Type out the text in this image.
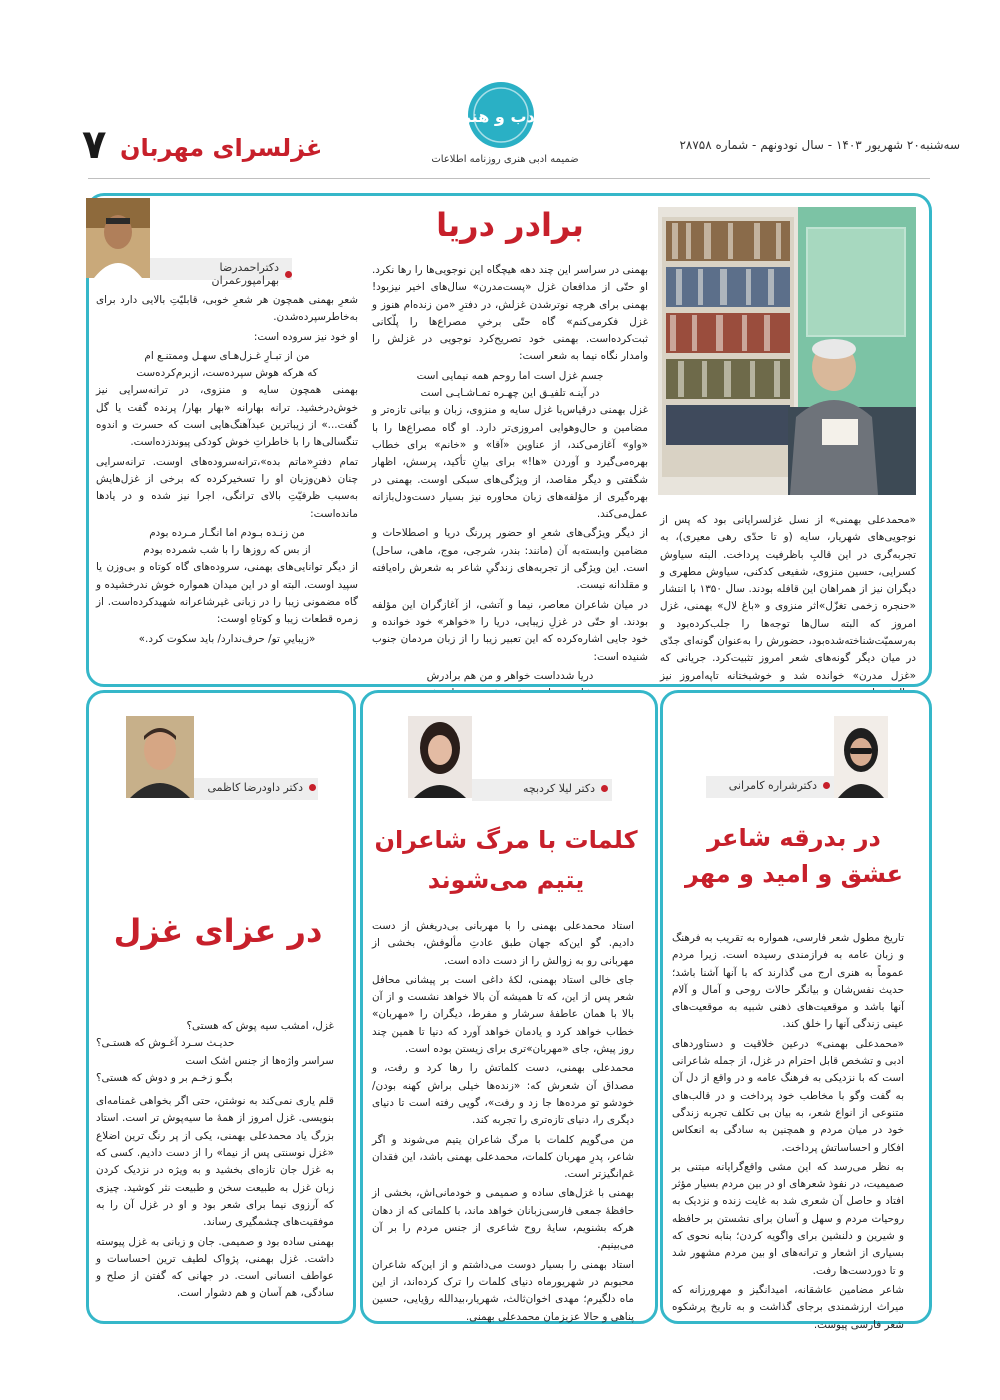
سه‌شنبه۲۰ شهریور ۱۴۰۳ - سال نودونهم - شماره ۲۸۷۵۸
ادب و هنر
ضمیمه ادبی هنری روزنامه اطلاعات
غزلسرای مهربان
۷
«محمدعلی بهمنی» از نسل غزلسرایانی بود که پس از نوجویی‌های شهریار، سایه (و تا حدّی رهی معیری)، به تجربه‌گری در این قالبِ باظرفیت پرداخت. البته سیاوش کسرایی، حسین منزوی، شفیعی کدکنی، سیاوش مطهری و دیگران نیز از همراهان این قافله بودند. سال ۱۳۵۰ با انتشار «حنجره زخمی تغزّل»اثر منزوی و «باغ لال» بهمنی، غزل امروز که البته سال‌ها توجه‌ها را جلب‌کرده‌بود و به‌رسمیّت‌شناخته‌شده‌بود، حضورش را به‌عنوان گونه‌ای جدّی در میان دیگر گونه‌های شعر امروز تثبیت‌کرد. جریانی که «غزل مدرن» خوانده شد و خوشبختانه تاپه‌امروز نیز
برادر دریا

بهمنی در سراسر این چند دهه هیچگاه این نوجویی‌ها را رها نکرد. او حتّی از مدافعان غزل «پست‌مدرن» سال‌های اخیر نیزبود! بهمنی برای هرچه نوترشدن غزلش، در دفترِ «من زنده‌ام هنوز و غزل فکرمی‌کنم» گاه حتّی برخیِ مصراع‌ها را پلّکانی ثبت‌کرده‌است. بهمنی خود تصریح‌کرد نوجویی در غزلش را وامدار نگاه نیما به شعر است:

جسم غزل است اما روحم همه نیمایی است
در آینـه تلفیـق این چهـره تمـاشـایـی است

غزل بهمنی درقیاس‌با غزل سایه و منزوی، زبان و بیانی تازه‌تر و مضامین و حال‌وهوایی امروزی‌تر دارد. او گاه مصراع‌ها را با «واو» آغازمی‌کند، از عناوین «آقا» و «خانم» برای خطاب بهره‌می‌گیرد و آوردن «ها!» برای بیانِ تأکید، پرسش، اظهار شگفتی و دیگر مقاصد، از ویژگی‌های سبکی اوست. بهمنی در بهره‌گیری از مؤلفه‌های زبان محاوره نیز بسیار دست‌ودل‌بازانه عمل‌می‌کند.

از دیگر ویژگی‌های شعرِ او حضور پررنگ دریا و اصطلاحات و مضامین وابسته‌به آن (مانند: بندر، شرجی، موج، ماهی، ساحل) است. این ویژگی از تجربه‌های زندگیِ شاعر به شعرش راه‌یافته و مقلدانه نیست.

در میان شاعران معاصر، نیما و آتشی، از آغازگران این مؤلفه بودند. او حتّی در غزلِ زیبایی، دریا را «خواهر» خود خوانده و خود جایی اشاره‌کرده که این تعبیر زیبا را از زبان مردمان جنوب شنیده است:

دریا شدداست خواهر و من هم برادرش
دکتراحمدرضا بهرامپورعمران

شعرِ بهمنی همچون هر شعرِ خوبی، قابلیّتِ بالایی دارد برای به‌خاطرسپرده‌شدن.

او خود نیز سروده است:

من از تبـارِ غـزل‌هـای سهـل وممتنـع ام
که هرکه هوش سپرده‌ست، ازبرم‌کرده‌ست

بهمنی همچون سایه و منزوی، در ترانه‌سرایی نیز خوش‌درخشید. ترانه بهارانه «بهار بهار/ پرنده گفت یا گل گفت...» از زیباترین عبدآهنگ‌هایی است که حسرت و اندوه تنگسالی‌ها را با خاطراتِ خوش کودکی پیوندزده‌است.

تمام دفترِ«ماتم بده»،ترانه‌سروده‌های اوست. ترانه‌سرایی چنان ذهن‌وزبان او را تسخیرکرده که برخی از غزل‌هایش به‌سبب ظرفیّتِ بالای ترانگی، اجرا نیز شده و در یادها مانده‌است:

من زنـده بـودم اما انگـار مـرده بودم
از بس که روزها را با شب شمرده بودم

از دیگر توانایی‌های بهمنی، سروده‌های گاه کوتاه و بی‌وزن یا سپید اوست. البته او در این میدان همواره خوش ندرخشیده و گاه مضمونی زیبا را در زبانی غیرشاعرانه شهیدکرده‌است. از زمره قطعات زیبا و کوتاهِ اوست:

«زیباییِ تو/ حرف‌ندارد/ باید سکوت کرد.»
دکترشراره کامرانی
در بدرقه شاعر
عشق و امید و مهر

تاریخ مطول شعر فارسی، همواره به تقریب به فرهنگ و زبان عامه به فرازمندی رسیده است. زیرا مردم عموماً به هنری ارج می گذارند که با آنها آشنا باشد؛ حدیث نفس‌شان و بیانگر حالات روحی و آمال و آلام آنها باشد و موقعیت‌های ذهنی شبیه به موقعیت‌های عینی زندگی آنها را خلق کند.

«محمدعلی بهمنی» درعین خلاقیت و دستاوردهای ادبی و تشخص قابل احترام در غزل، از جمله شاعرانی است که با نزدیکی به فرهنگ عامه و در واقع از دل آن به گفت وگو با مخاطب خود پرداخت و در قالب‌های متنوعی از انواع شعر، به بیان بی تکلف تجربه زندگی خود در میان مردم و همچنین به سادگی به انعکاس افکار و احساساتش پرداخت.

به نظر می‌رسد که این مشی واقع‌گرایانه مبتنی بر صمیمیت، در نفوذ شعرهای او در بین مردم بسیار مؤثر افتاد و حاصل آن شعری شد به غایت زنده و نزدیک به روحیات مردم و سهل و آسان برای نشستن بر حافظه و شیرین و دلنشین برای واگویه کردن؛ بنابه نحوی که بسیاری از اشعار و ترانه‌های او بین مردم مشهور شد و تا دوردست‌ها رفت.

شاعر مضامین عاشقانه، امیدانگیز و مهرورزانه که میراث ارزشمندی برجای گذاشت و به تاریخ پرشکوه شعر فارسی پیوست.

دکتر لیلا کردبچه
کلمات با مرگ شاعران
یتیم می‌شوند

استاد محمدعلی بهمنی را با مهربانی بی‌دریغش از دست دادیم. گو این‌که جهان طبق عادتِ مألوفش، بخشی از مهربانی رو به زوالش را از دست داده است.

جای خالی استاد بهمنی، لکهٔ داغی است بر پیشانی محافل شعر پس از این، که تا همیشه آن بالا خواهد نشست و از آن بالا با همان عاطفهٔ سرشار و مفرط، دیگران را «مهربان» خطاب خواهد کرد و یادمان خواهد آورد که دنیا تا همین چند روز پیش، جای «مهربان»تری برای زیستن بوده است.

محمدعلی بهمنی، دست کلماتش را رها کرد و رفت، و مصداق آن شعرش که: «زنده‌ها خیلی براش کهنه بودن/ خودشو تو مرده‌ها جا زد و رفت»، گویی رفته است تا دنیای دیگری را، دنیای تازه‌تری را تجربه کند.

من می‌گویم کلمات با مرگ شاعران یتیم می‌شوند و اگر شاعر، پدرِ مهربان کلمات، محمدعلی بهمنی باشد، این فقدان غم‌انگیزتر است.

بهمنی با غزل‌های ساده و صمیمی و خودمانی‌اش، بخشی از حافظهٔ جمعی فارسی‌زبانان خواهد ماند، با کلماتی که از دهان هرکه بشنویم، سایهٔ روح شاعری از جنس مردم را بر آن می‌بینیم.

استاد بهمنی را بسیار دوست می‌داشتم و از این‌که شاعران محبوبم در شهریورماه دنیای کلمات را ترک کرده‌اند، از این ماه دلگیرم؛ مهدی اخوان‌ثالث، شهریار،بیدالله رؤیایی، حسین پناهی و حالا عزیزمان محمدعلی بهمنی.

دکتر داودرضا کاظمی
در عزای غزل
غزل، امشب سیه پوش که هستی؟
حدیـث سـرد آغـوش که هستـی؟
سراسر واژه‌ها از جنس اشک است
بگـو زخـم بر و دوش که هستی؟

قلم یاری نمی‌کند به نوشتن، حتی اگر بخواهی غمنامه‌ای بنویسی. غزل امروز از همهٔ ما سیه‌پوش تر است. استاد بزرگ یاد محمدعلی بهمنی، یکی از پر رنگ ترین اضلاع «غزل نوسنتی پس از نیما» را از دست دادیم. کسی که به غزل جان تازه‌ای بخشید و به ویژه در نزدیک کردن زبان غزل به طبیعت سخن و طبیعت نثر کوشید. چیزی که آرزوی نیما برای شعر بود و او در غزل آن را به موفقیت‌های چشمگیری رساند.

بهمنی ساده بود و صمیمی. جان و زبانی به غزل پیوسته داشت. غزل بهمنی، پژواک لطیف ترین احساسات و عواطف انسانی است. در جهانی که گفتن از صلح و سادگی، هم آسان و هم دشوار است.
